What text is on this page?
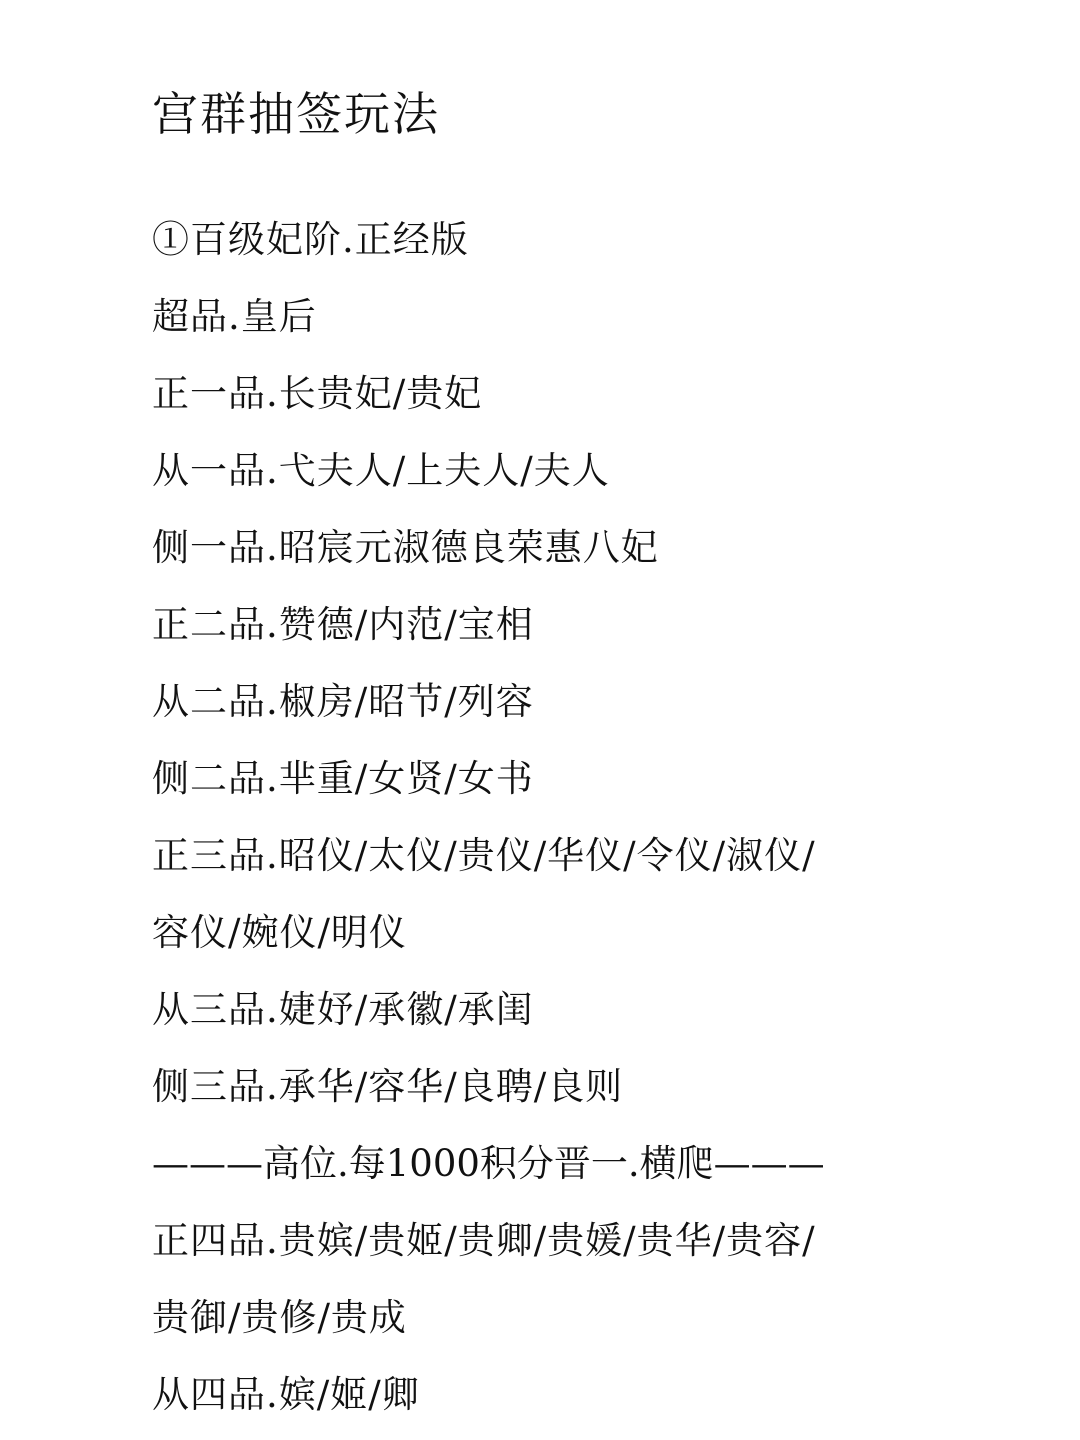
宫群抽签玩法
①百级妃阶.正经版
超品.皇后
正一品.长贵妃/贵妃
从一品.弋夫人/上夫人/夫人
侧一品.昭宸元淑德良荣惠八妃
正二品.赞德/内范/宝相
从二品.椒房/昭节/列容
侧二品.芈重/女贤/女书
正三品.昭仪/太仪/贵仪/华仪/令仪/淑仪/
容仪/婉仪/明仪
从三品.婕妤/承徽/承闺
侧三品.承华/容华/良聘/良则
———高位.每1000积分晋一.横爬———
正四品.贵嫔/贵姬/贵卿/贵媛/贵华/贵容/
贵御/贵修/贵成
从四品.嫔/姬/卿
